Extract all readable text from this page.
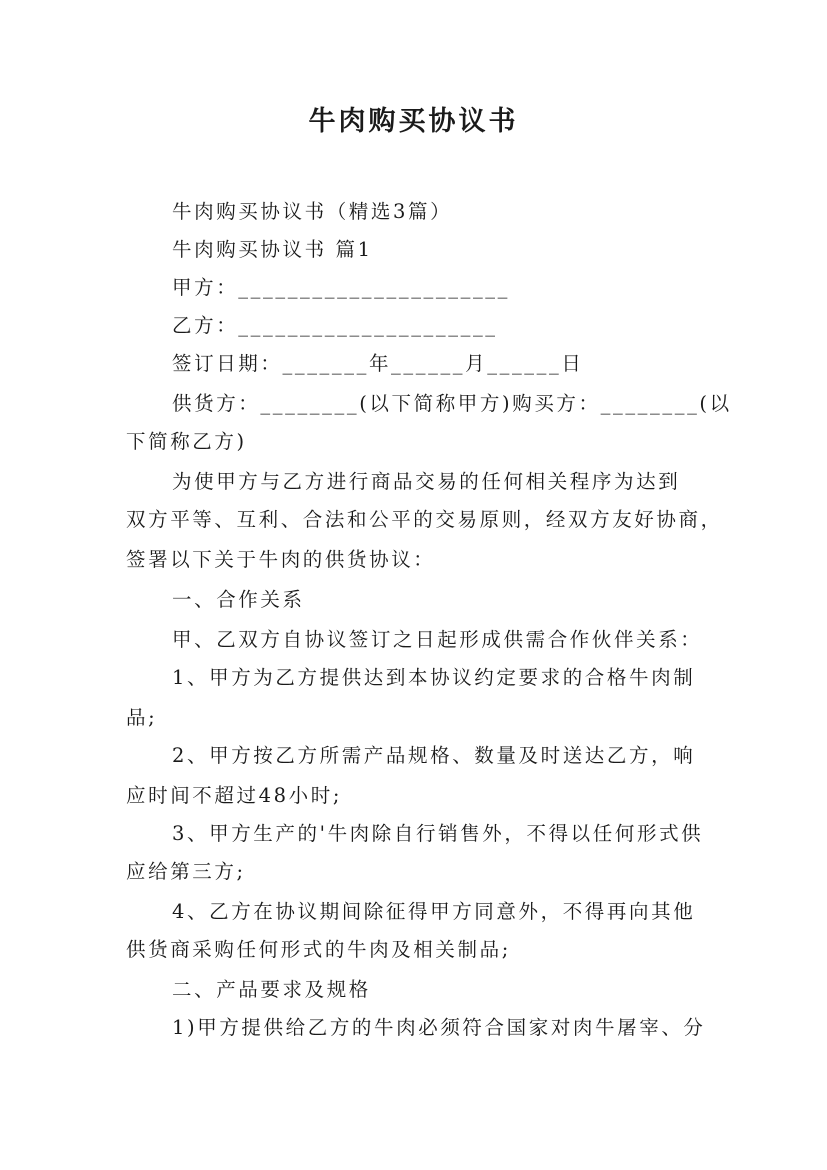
牛肉购买协议书
牛肉购买协议书（精选3篇）
牛肉购买协议书 篇1
甲方：______________________
乙方：_____________________
签订日期：_______年______月______日
供货方：________(以下简称甲方)购买方：________(以
下简称乙方)
为使甲方与乙方进行商品交易的任何相关程序为达到
双方平等、互利、合法和公平的交易原则，经双方友好协商，
签署以下关于牛肉的供货协议：
一、合作关系
甲、乙双方自协议签订之日起形成供需合作伙伴关系：
1、甲方为乙方提供达到本协议约定要求的合格牛肉制
品;
2、甲方按乙方所需产品规格、数量及时送达乙方，响
应时间不超过48小时;
3、甲方生产的'牛肉除自行销售外，不得以任何形式供
应给第三方;
4、乙方在协议期间除征得甲方同意外，不得再向其他
供货商采购任何形式的牛肉及相关制品;
二、产品要求及规格
1)甲方提供给乙方的牛肉必须符合国家对肉牛屠宰、分
